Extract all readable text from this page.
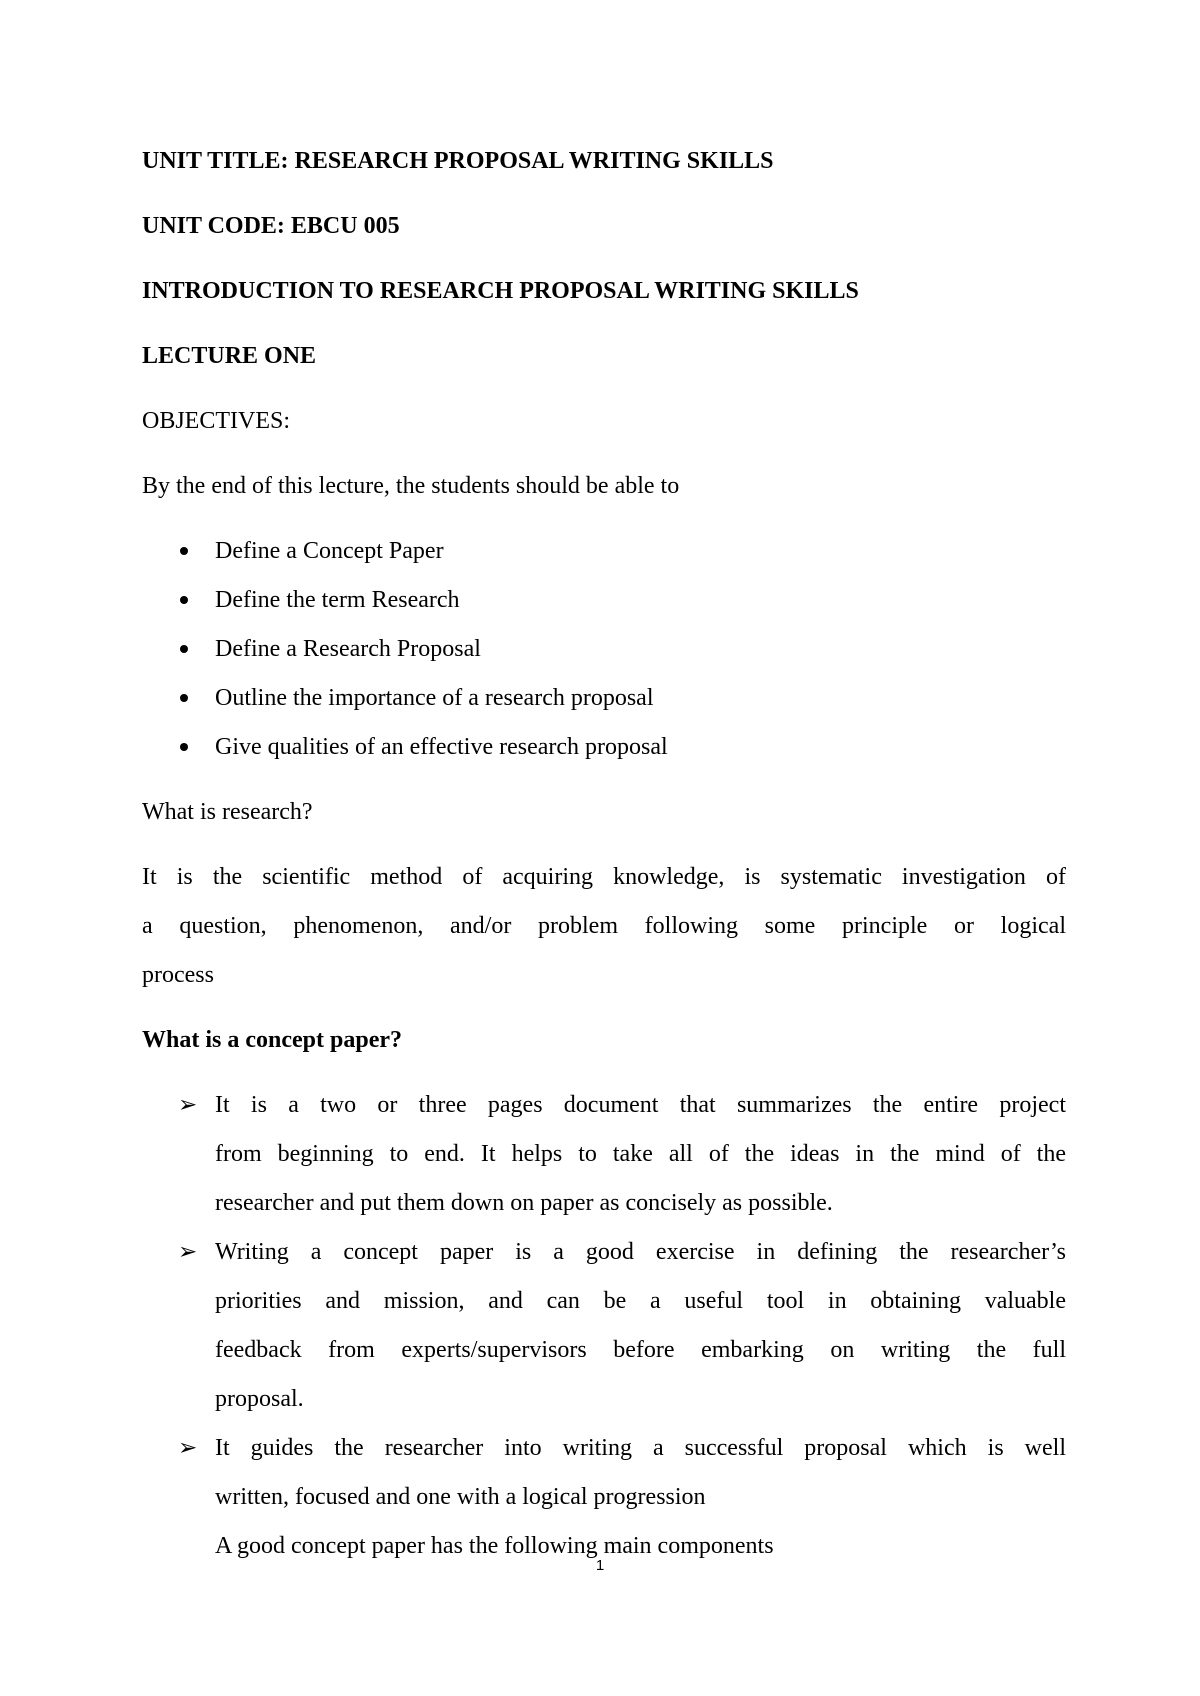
UNIT TITLE: RESEARCH PROPOSAL WRITING SKILLS
UNIT CODE: EBCU 005
INTRODUCTION TO RESEARCH PROPOSAL WRITING SKILLS
LECTURE ONE
OBJECTIVES:
By the end of this lecture, the students should be able to
Define a Concept Paper
Define the term Research
Define a Research Proposal
Outline the importance of a research proposal
Give qualities of an effective research proposal
What is research?
It is the scientific method of acquiring knowledge, is systematic investigation of
a question, phenomenon, and/or problem following some principle or logical
process
What is a concept paper?
➢ It is a two or three pages document that summarizes the entire project
from beginning to end. It helps to take all of the ideas in the mind of the
researcher and put them down on paper as concisely as possible.
➢ Writing a concept paper is a good exercise in defining the researcher’s
priorities and mission, and can be a useful tool in obtaining valuable
feedback from experts/supervisors before embarking on writing the full
proposal.
➢ It guides the researcher into writing a successful proposal which is well
written, focused and one with a logical progression
A good concept paper has the following main components
1
